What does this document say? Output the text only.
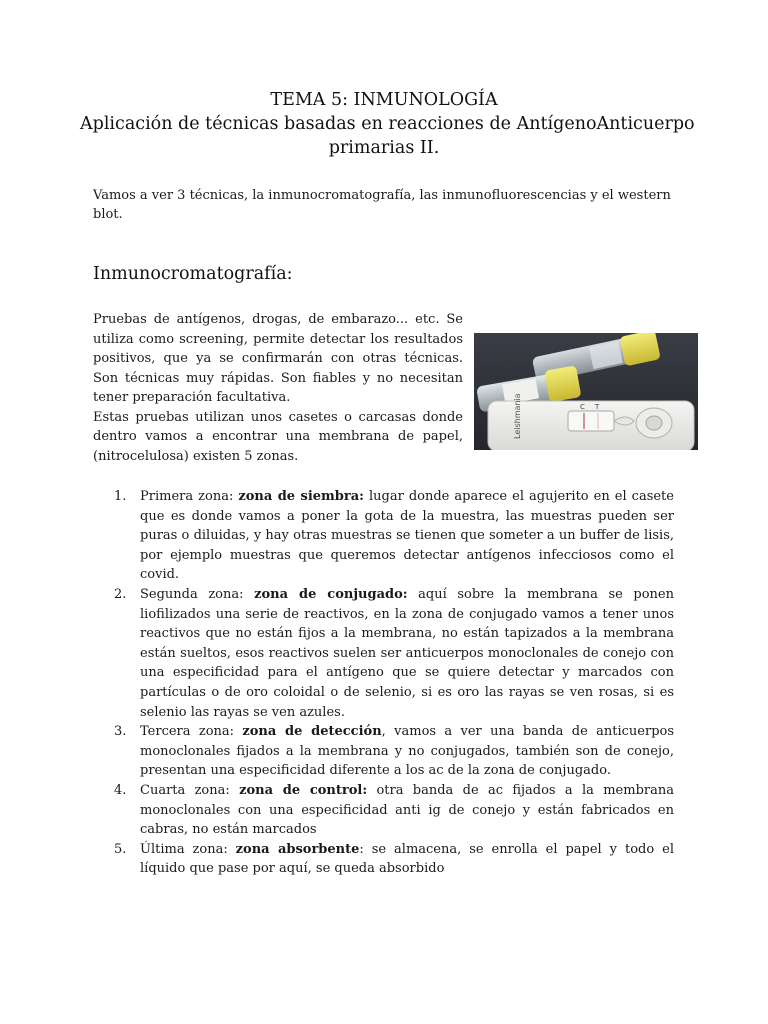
TEMA 5: INMUNOLOGÍA
Aplicación de técnicas basadas en reacciones de AntígenoAnticuerpo
primarias II.

Vamos a ver 3 técnicas, la inmunocromatografía, las inmunofluorescencias y el western blot.

Inmunocromatografía:

Pruebas de antígenos, drogas, de embarazo... etc. Se utiliza como screening, permite detectar los resultados positivos, que ya se confirmarán con otras técnicas. Son técnicas muy rápidas. Son fiables y no necesitan tener preparación facultativa.
Estas pruebas utilizan unos casetes o carcasas donde dentro vamos a encontrar una membrana de papel, (nitrocelulosa) existen 5 zonas.

Leishmania	C T
1. Primera zona: zona de siembra: lugar donde aparece el agujerito en el casete que es donde vamos a poner la gota de la muestra, las muestras pueden ser puras o diluidas, y hay otras muestras se tienen que someter a un buffer de lisis, por ejemplo muestras que queremos detectar antígenos infecciosos como el covid.
2. Segunda zona: zona de conjugado: aquí sobre la membrana se ponen liofilizados una serie de reactivos, en la zona de conjugado vamos a tener unos reactivos que no están fijos a la membrana, no están tapizados a la membrana están sueltos, esos reactivos suelen ser anticuerpos monoclonales de conejo con una especificidad para el antígeno que se quiere detectar y marcados con partículas o de oro coloidal o de selenio, si es oro las rayas se ven rosas, si es selenio las rayas se ven azules.
3. Tercera zona: zona de detección, vamos a ver una banda de anticuerpos monoclonales fijados a la membrana y no conjugados, también son de conejo, presentan una especificidad diferente a los ac de la zona de conjugado.
4. Cuarta zona: zona de control: otra banda de ac fijados a la membrana monoclonales con una especificidad anti ig de conejo y están fabricados en cabras, no están marcados
5. Última zona: zona absorbente: se almacena, se enrolla el papel y todo el líquido que pase por aquí, se queda absorbido
